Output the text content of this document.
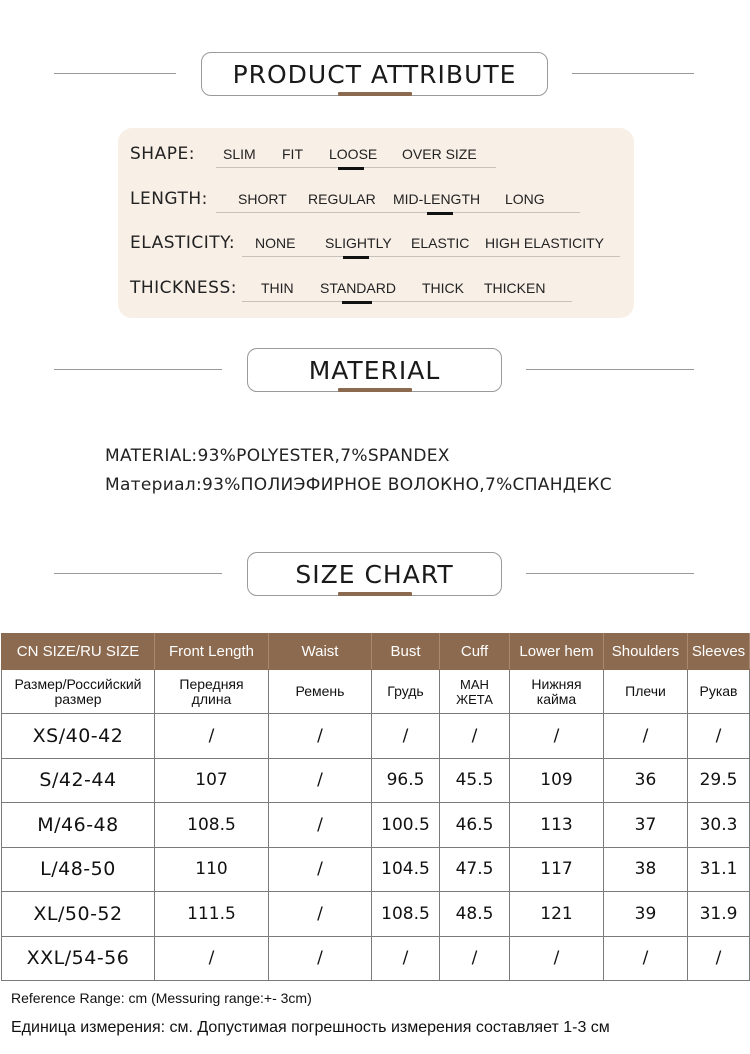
PRODUCT ATTRIBUTE
SHAPE: SLIM FIT LOOSE OVER SIZE
LENGTH: SHORT REGULAR MID-LENGTH LONG
ELASTICITY: NONE SLIGHTLY ELASTIC HIGH ELASTICITY
THICKNESS: THIN STANDARD THICK THICKEN
MATERIAL
MATERIAL:93%POLYESTER,7%SPANDEX
Материал:93%ПОЛИЭФИРНОЕ ВОЛОКНО,7%СПАНДЕКС
SIZE CHART
CN SIZE/RU SIZE	Front Length	Waist	Bust	Cuff	Lower hem	Shoulders	Sleeves
Размер/Российский размер	Передняя длина	Ремень	Грудь	МАН ЖЕТА	Нижняя кайма	Плечи	Рукав
XS/40-42	/	/	/	/	/	/	/
S/42-44	107	/	96.5	45.5	109	36	29.5
M/46-48	108.5	/	100.5	46.5	113	37	30.3
L/48-50	110	/	104.5	47.5	117	38	31.1
XL/50-52	111.5	/	108.5	48.5	121	39	31.9
XXL/54-56	/	/	/	/	/	/	/
Reference Range: cm (Messuring range:+- 3cm)
Единица измерения: см. Допустимая погрешность измерения составляет 1-3 см
